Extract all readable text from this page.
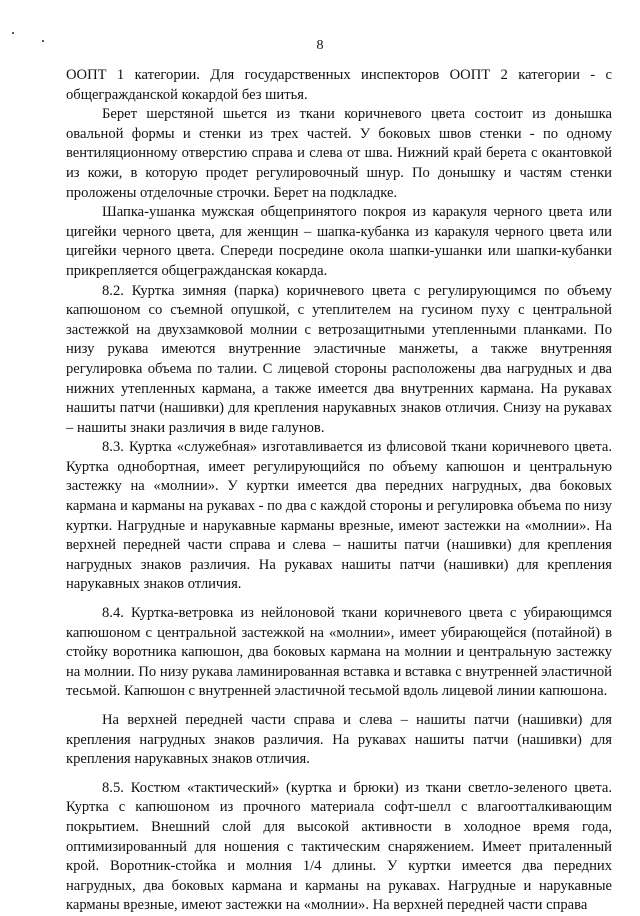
8

ООПТ 1 категории. Для государственных инспекторов ООПТ 2 категории - с общегражданской кокардой без шитья.

Берет шерстяной шьется из ткани коричневого цвета состоит из донышка овальной формы и стенки из трех частей. У боковых швов стенки - по одному вентиляционному отверстию справа и слева от шва. Нижний край берета с окантовкой из кожи, в которую продет регулировочный шнур. По донышку и частям стенки проложены отделочные строчки. Берет на подкладке.

Шапка-ушанка мужская общепринятого покроя из каракуля черного цвета или цигейки черного цвета, для женщин – шапка-кубанка из каракуля черного цвета или цигейки черного цвета. Спереди посредине окола шапки-ушанки или шапки-кубанки прикрепляется общегражданская кокарда.

8.2. Куртка зимняя (парка) коричневого цвета с регулирующимся по объему капюшоном со съемной опушкой, с утеплителем на гусином пуху с центральной застежкой на двухзамковой молнии с ветрозащитными утепленными планками. По низу рукава имеются внутренние эластичные манжеты, а также внутренняя регулировка объема по талии. С лицевой стороны расположены два нагрудных и два нижних утепленных кармана, а также имеется два внутренних кармана. На рукавах нашиты патчи (нашивки) для крепления нарукавных знаков отличия. Снизу на рукавах – нашиты знаки различия в виде галунов.

8.3. Куртка «служебная» изготавливается из флисовой ткани коричневого цвета. Куртка однобортная, имеет регулирующийся по объему капюшон и центральную застежку на «молнии». У куртки имеется два передних нагрудных, два боковых кармана и карманы на рукавах - по два с каждой стороны и регулировка объема по низу куртки. Нагрудные и нарукавные карманы врезные, имеют застежки на «молнии». На верхней передней части справа и слева – нашиты патчи (нашивки) для крепления нагрудных знаков различия. На рукавах нашиты патчи (нашивки) для крепления нарукавных знаков отличия.

8.4. Куртка-ветровка из нейлоновой ткани коричневого цвета с убирающимся капюшоном с центральной застежкой на «молнии», имеет убирающейся (потайной) в стойку воротника капюшон, два боковых кармана на молнии и центральную застежку на молнии. По низу рукава ламинированная вставка и вставка с внутренней эластичной тесьмой. Капюшон с внутренней эластичной тесьмой вдоль лицевой линии капюшона.

На верхней передней части справа и слева – нашиты патчи (нашивки) для крепления нагрудных знаков различия. На рукавах нашиты патчи (нашивки) для крепления нарукавных знаков отличия.

8.5. Костюм «тактический» (куртка и брюки) из ткани светло-зеленого цвета. Куртка с капюшоном из прочного материала софт-шелл с влагоотталкивающим покрытием. Внешний слой для высокой активности в холодное время года, оптимизированный для ношения с тактическим снаряжением. Имеет приталенный крой. Воротник-стойка и молния 1/4 длины. У куртки имеется два передних нагрудных, два боковых кармана и карманы на рукавах. Нагрудные и нарукавные карманы врезные, имеют застежки на «молнии». На верхней передней части справа
